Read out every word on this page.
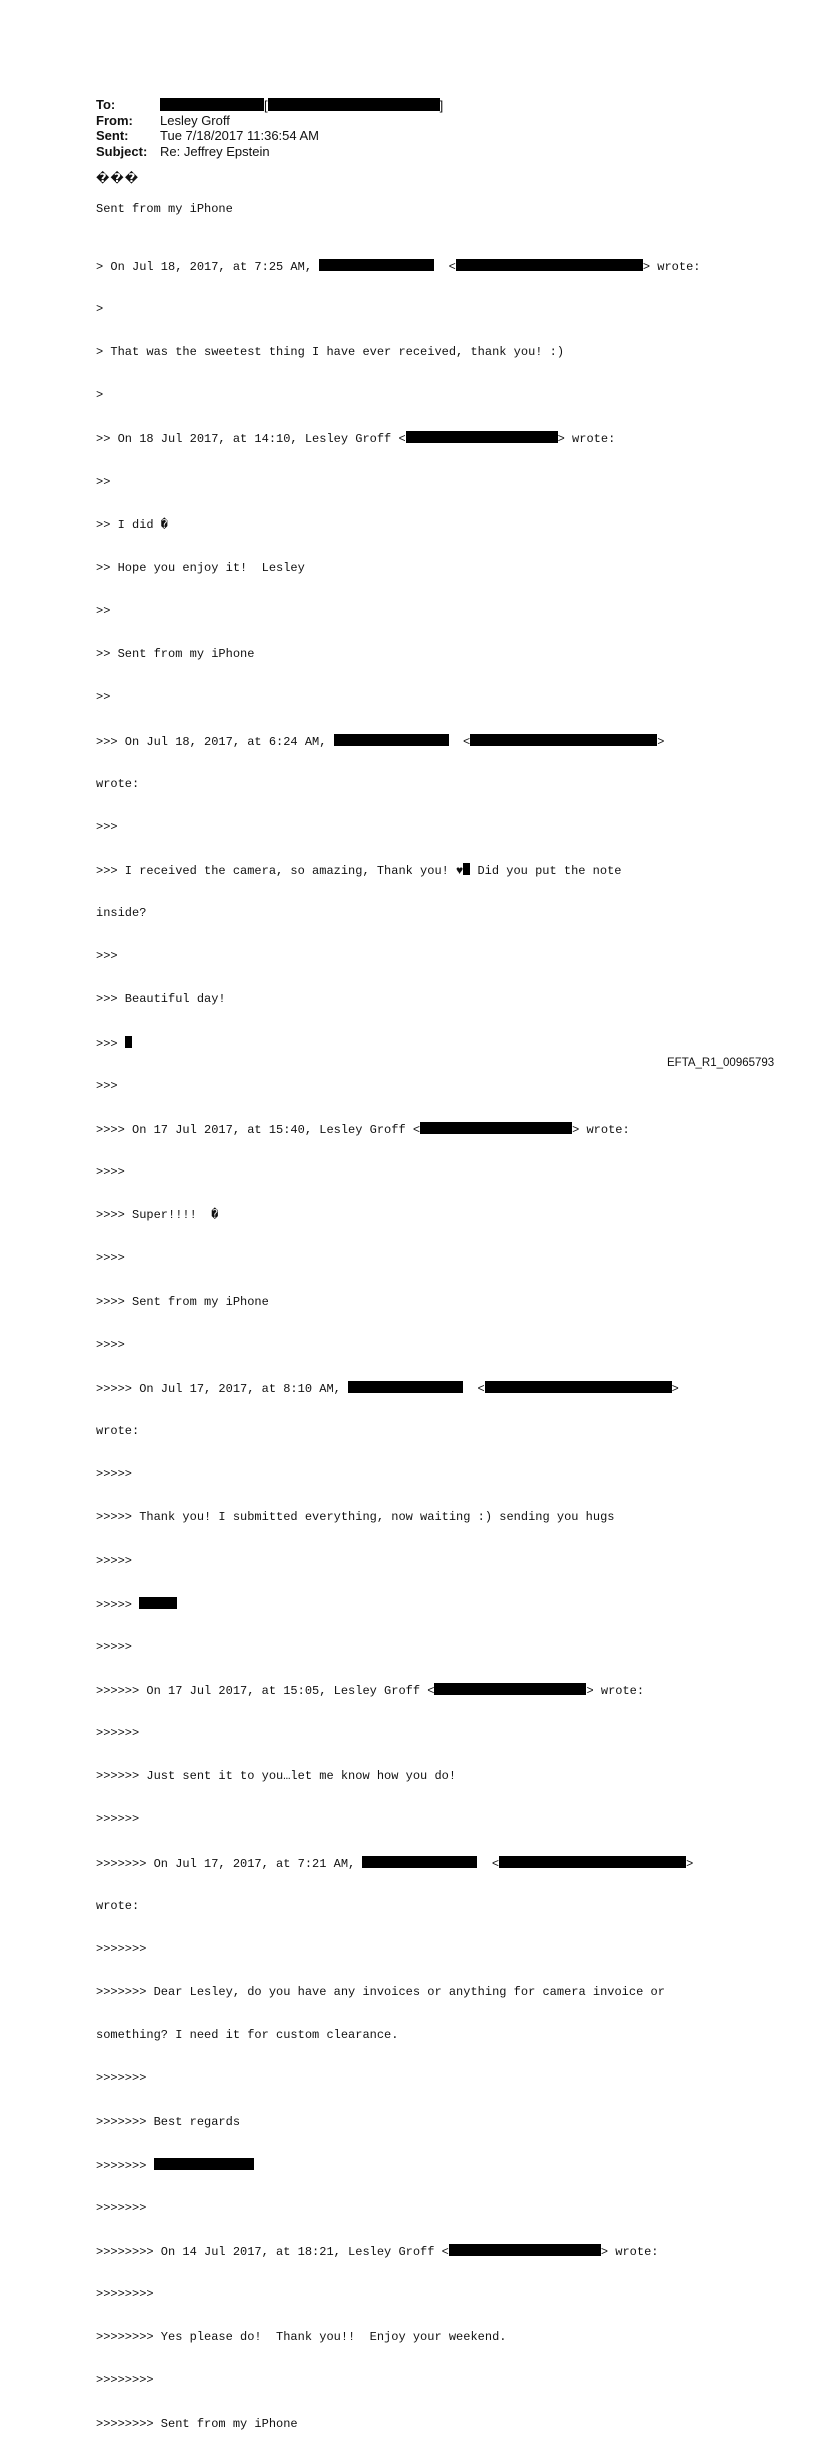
To:	[	]
From:	Lesley Groff
Sent:	Tue 7/18/2017 11:36:54 AM
Subject: Re: Jeffrey Epstein
���
Sent from my iPhone

> On Jul 18, 2017, at 7:25 AM,	<	> wrote:

>

> That was the sweetest thing I have ever received, thank you! :)

>

>> On 18 Jul 2017, at 14:10, Lesley Groff <	> wrote:

>>

>> I did �

>> Hope you enjoy it!  Lesley

>>

>> Sent from my iPhone

>>

>>> On Jul 18, 2017, at 6:24 AM,	<	>

wrote:

>>>

>>> I received the camera, so amazing, Thank you! ♥ Did you put the note

inside?

>>>

>>> Beautiful day!

>>>

>>>

>>>> On 17 Jul 2017, at 15:40, Lesley Groff <	> wrote:

>>>>

>>>> Super!!!!  �

>>>>

>>>> Sent from my iPhone

>>>>

>>>>> On Jul 17, 2017, at 8:10 AM,	<	>

wrote:

>>>>>

>>>>> Thank you! I submitted everything, now waiting :) sending you hugs

>>>>>

>>>>>

>>>>>

>>>>>> On 17 Jul 2017, at 15:05, Lesley Groff <	> wrote:

>>>>>>

>>>>>> Just sent it to you…let me know how you do!

>>>>>>

>>>>>>> On Jul 17, 2017, at 7:21 AM,	<	>

wrote:

>>>>>>>

>>>>>>> Dear Lesley, do you have any invoices or anything for camera invoice or

something? I need it for custom clearance.

>>>>>>>

>>>>>>> Best regards

>>>>>>>

>>>>>>>

>>>>>>>> On 14 Jul 2017, at 18:21, Lesley Groff <	> wrote:

>>>>>>>>

>>>>>>>> Yes please do!  Thank you!!  Enjoy your weekend.

>>>>>>>>

>>>>>>>> Sent from my iPhone

EFTA_R1_00965793
